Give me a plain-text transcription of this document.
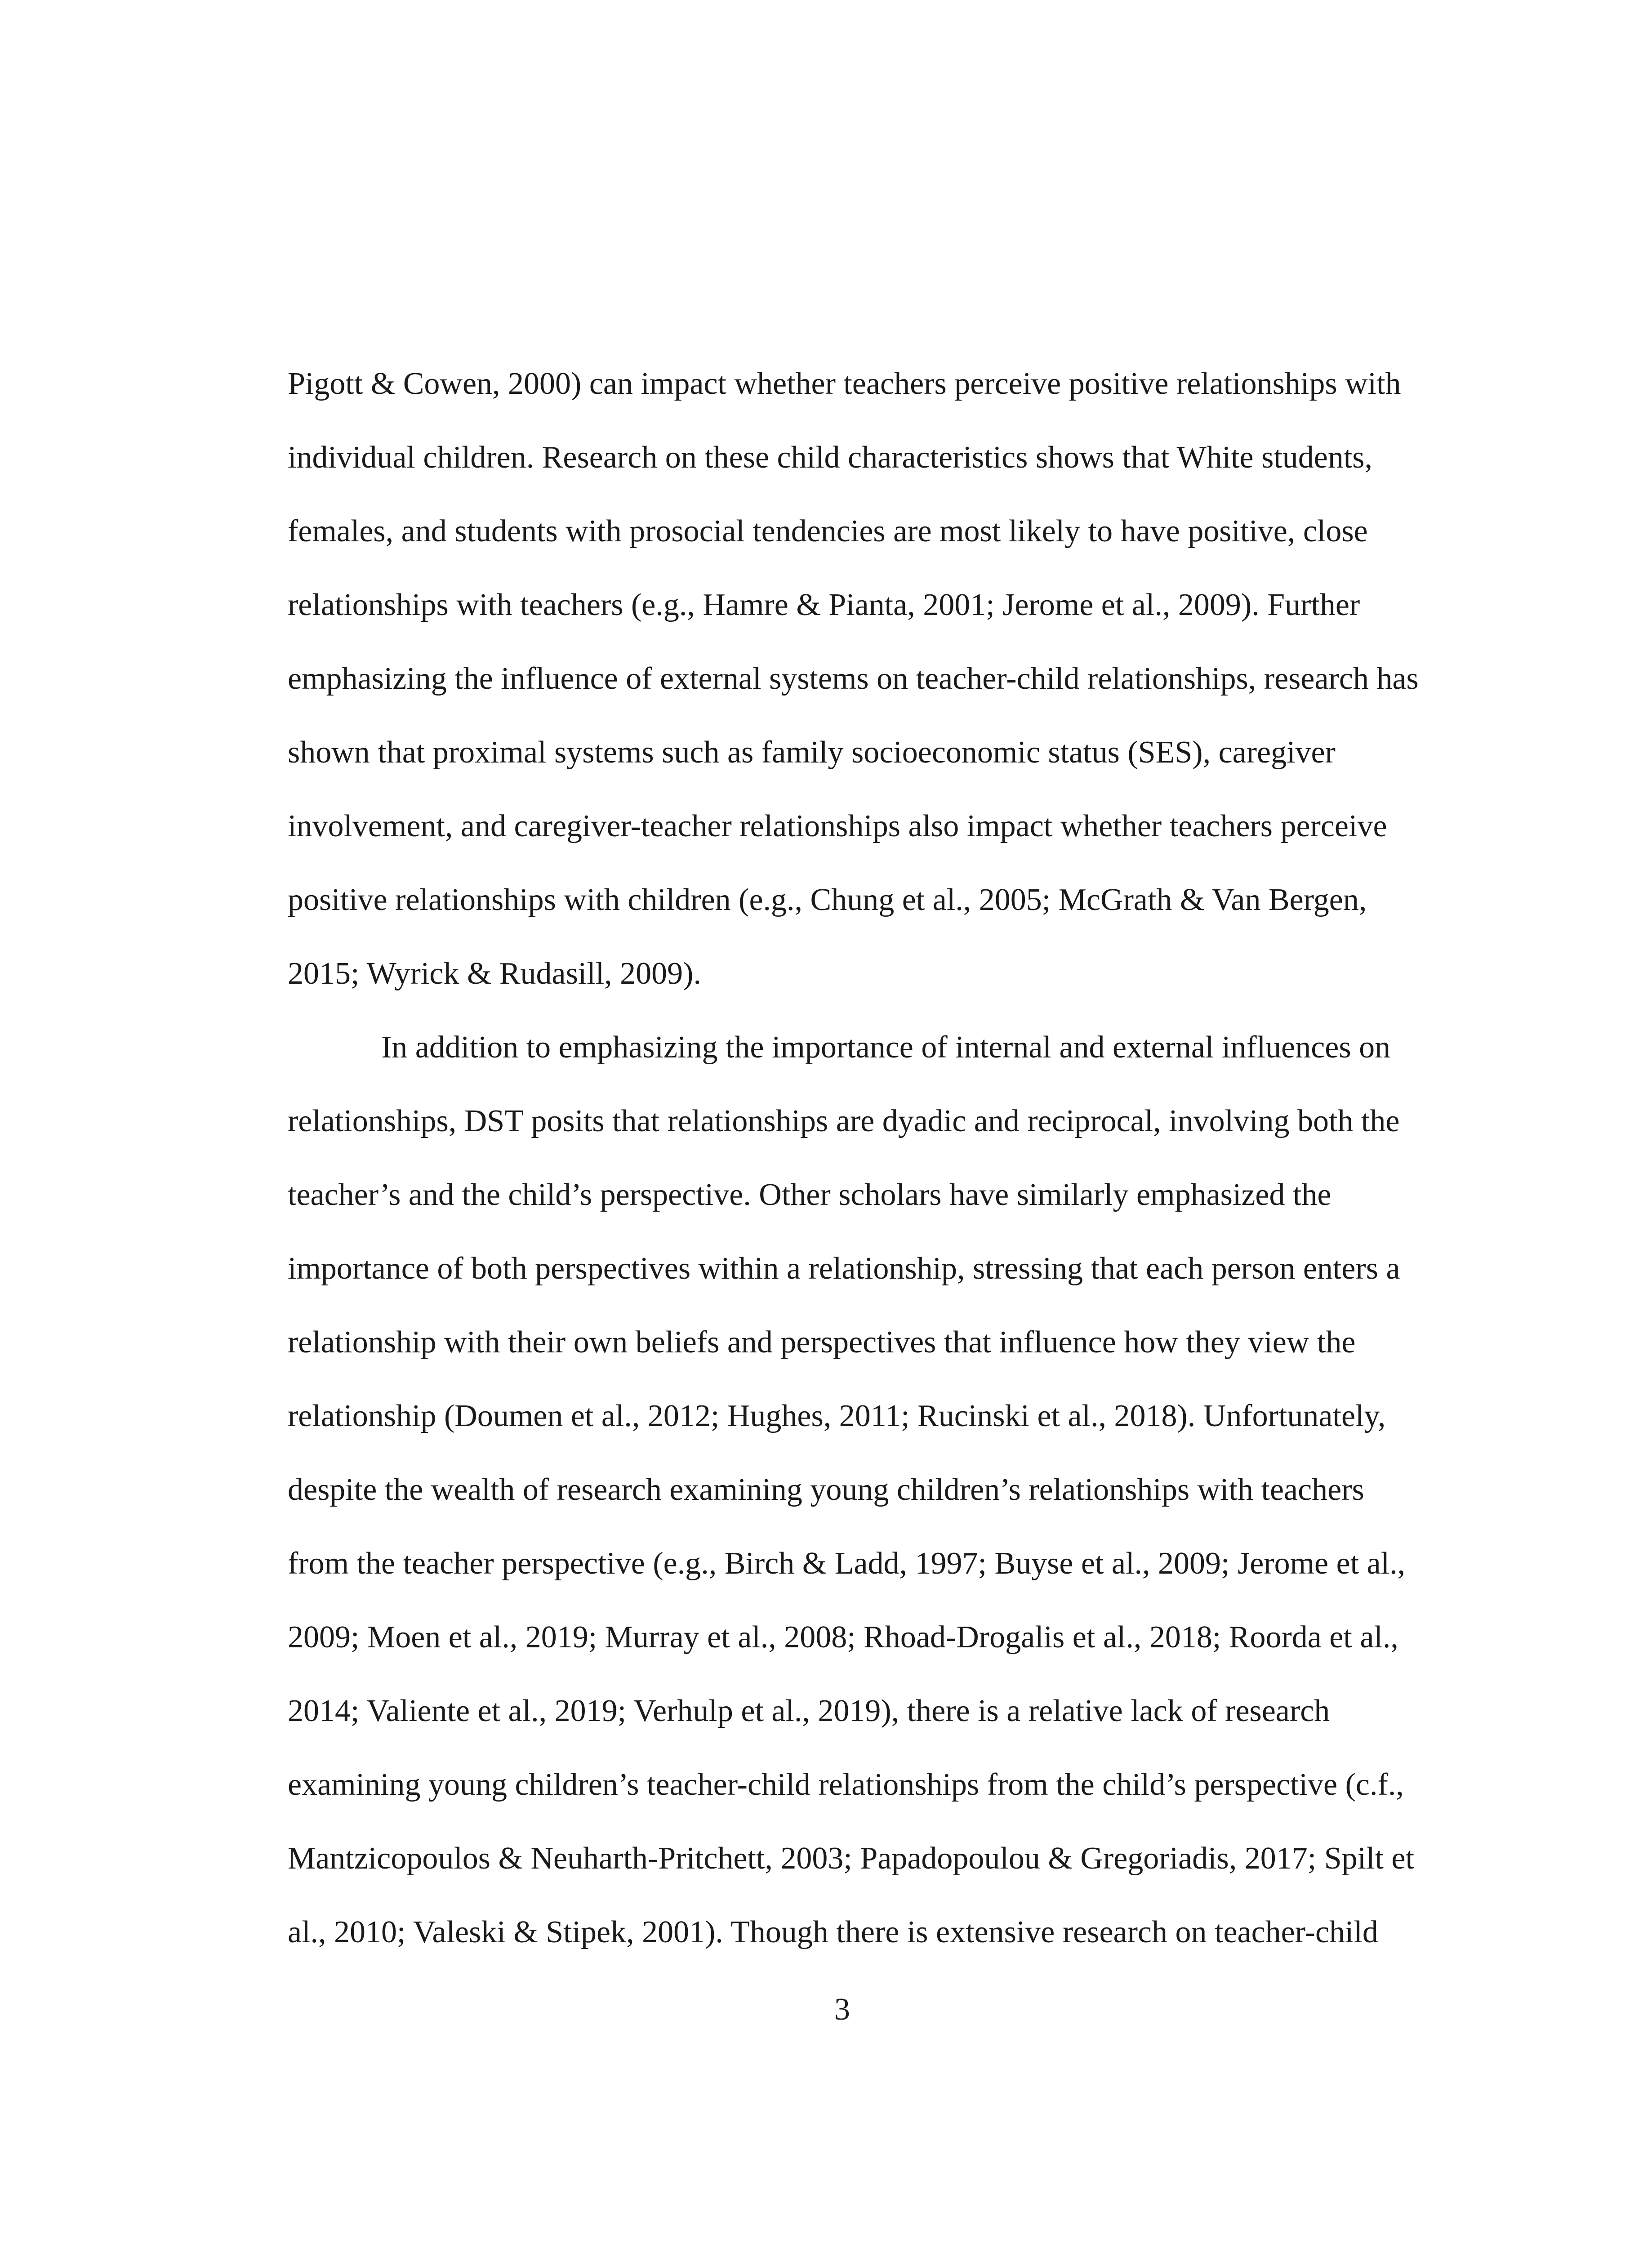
Pigott & Cowen, 2000) can impact whether teachers perceive positive relationships with
individual children. Research on these child characteristics shows that White students,
females, and students with prosocial tendencies are most likely to have positive, close
relationships with teachers (e.g., Hamre & Pianta, 2001; Jerome et al., 2009). Further
emphasizing the influence of external systems on teacher-child relationships, research has
shown that proximal systems such as family socioeconomic status (SES), caregiver
involvement, and caregiver-teacher relationships also impact whether teachers perceive
positive relationships with children (e.g., Chung et al., 2005; McGrath & Van Bergen,
2015; Wyrick & Rudasill, 2009).
In addition to emphasizing the importance of internal and external influences on
relationships, DST posits that relationships are dyadic and reciprocal, involving both the
teacher’s and the child’s perspective. Other scholars have similarly emphasized the
importance of both perspectives within a relationship, stressing that each person enters a
relationship with their own beliefs and perspectives that influence how they view the
relationship (Doumen et al., 2012; Hughes, 2011; Rucinski et al., 2018). Unfortunately,
despite the wealth of research examining young children’s relationships with teachers
from the teacher perspective (e.g., Birch & Ladd, 1997; Buyse et al., 2009; Jerome et al.,
2009; Moen et al., 2019; Murray et al., 2008; Rhoad-Drogalis et al., 2018; Roorda et al.,
2014; Valiente et al., 2019; Verhulp et al., 2019), there is a relative lack of research
examining young children’s teacher-child relationships from the child’s perspective (c.f.,
Mantzicopoulos & Neuharth-Pritchett, 2003; Papadopoulou & Gregoriadis, 2017; Spilt et
al., 2010; Valeski & Stipek, 2001). Though there is extensive research on teacher-child
3
